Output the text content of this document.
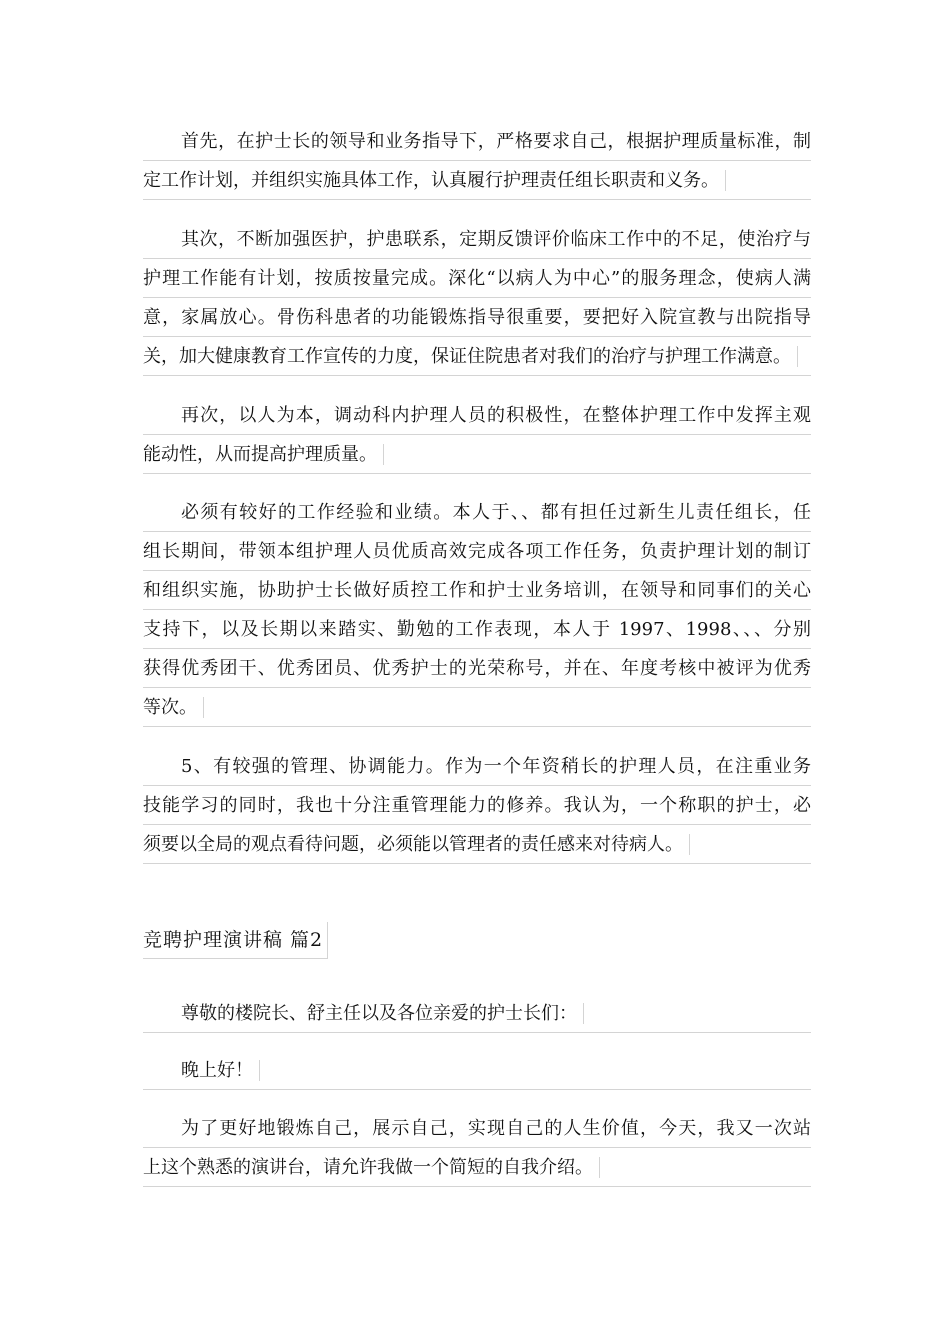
首先，在护士长的领导和业务指导下，严格要求自己，根据护理质量标准，制
定工作计划，并组织实施具体工作，认真履行护理责任组长职责和义务。
其次，不断加强医护，护患联系，定期反馈评价临床工作中的不足，使治疗与
护理工作能有计划，按质按量完成。深化“以病人为中心”的服务理念，使病人满
意，家属放心。骨伤科患者的功能锻炼指导很重要，要把好入院宣教与出院指导
关，加大健康教育工作宣传的力度，保证住院患者对我们的治疗与护理工作满意。
再次，以人为本，调动科内护理人员的积极性，在整体护理工作中发挥主观
能动性，从而提高护理质量。
必须有较好的工作经验和业绩。本人于、、都有担任过新生儿责任组长，任
组长期间，带领本组护理人员优质高效完成各项工作任务，负责护理计划的制订
和组织实施，协助护士长做好质控工作和护士业务培训，在领导和同事们的关心
支持下，以及长期以来踏实、勤勉的工作表现，本人于 1997、1998、、、分别
获得优秀团干、优秀团员、优秀护士的光荣称号，并在、年度考核中被评为优秀
等次。
5、有较强的管理、协调能力。作为一个年资稍长的护理人员，在注重业务
技能学习的同时，我也十分注重管理能力的修养。我认为，一个称职的护士，必
须要以全局的观点看待问题，必须能以管理者的责任感来对待病人。
竞聘护理演讲稿 篇2
尊敬的楼院长、舒主任以及各位亲爱的护士长们：
晚上好！
为了更好地锻炼自己，展示自己，实现自己的人生价值，今天，我又一次站
上这个熟悉的演讲台，请允许我做一个简短的自我介绍。
